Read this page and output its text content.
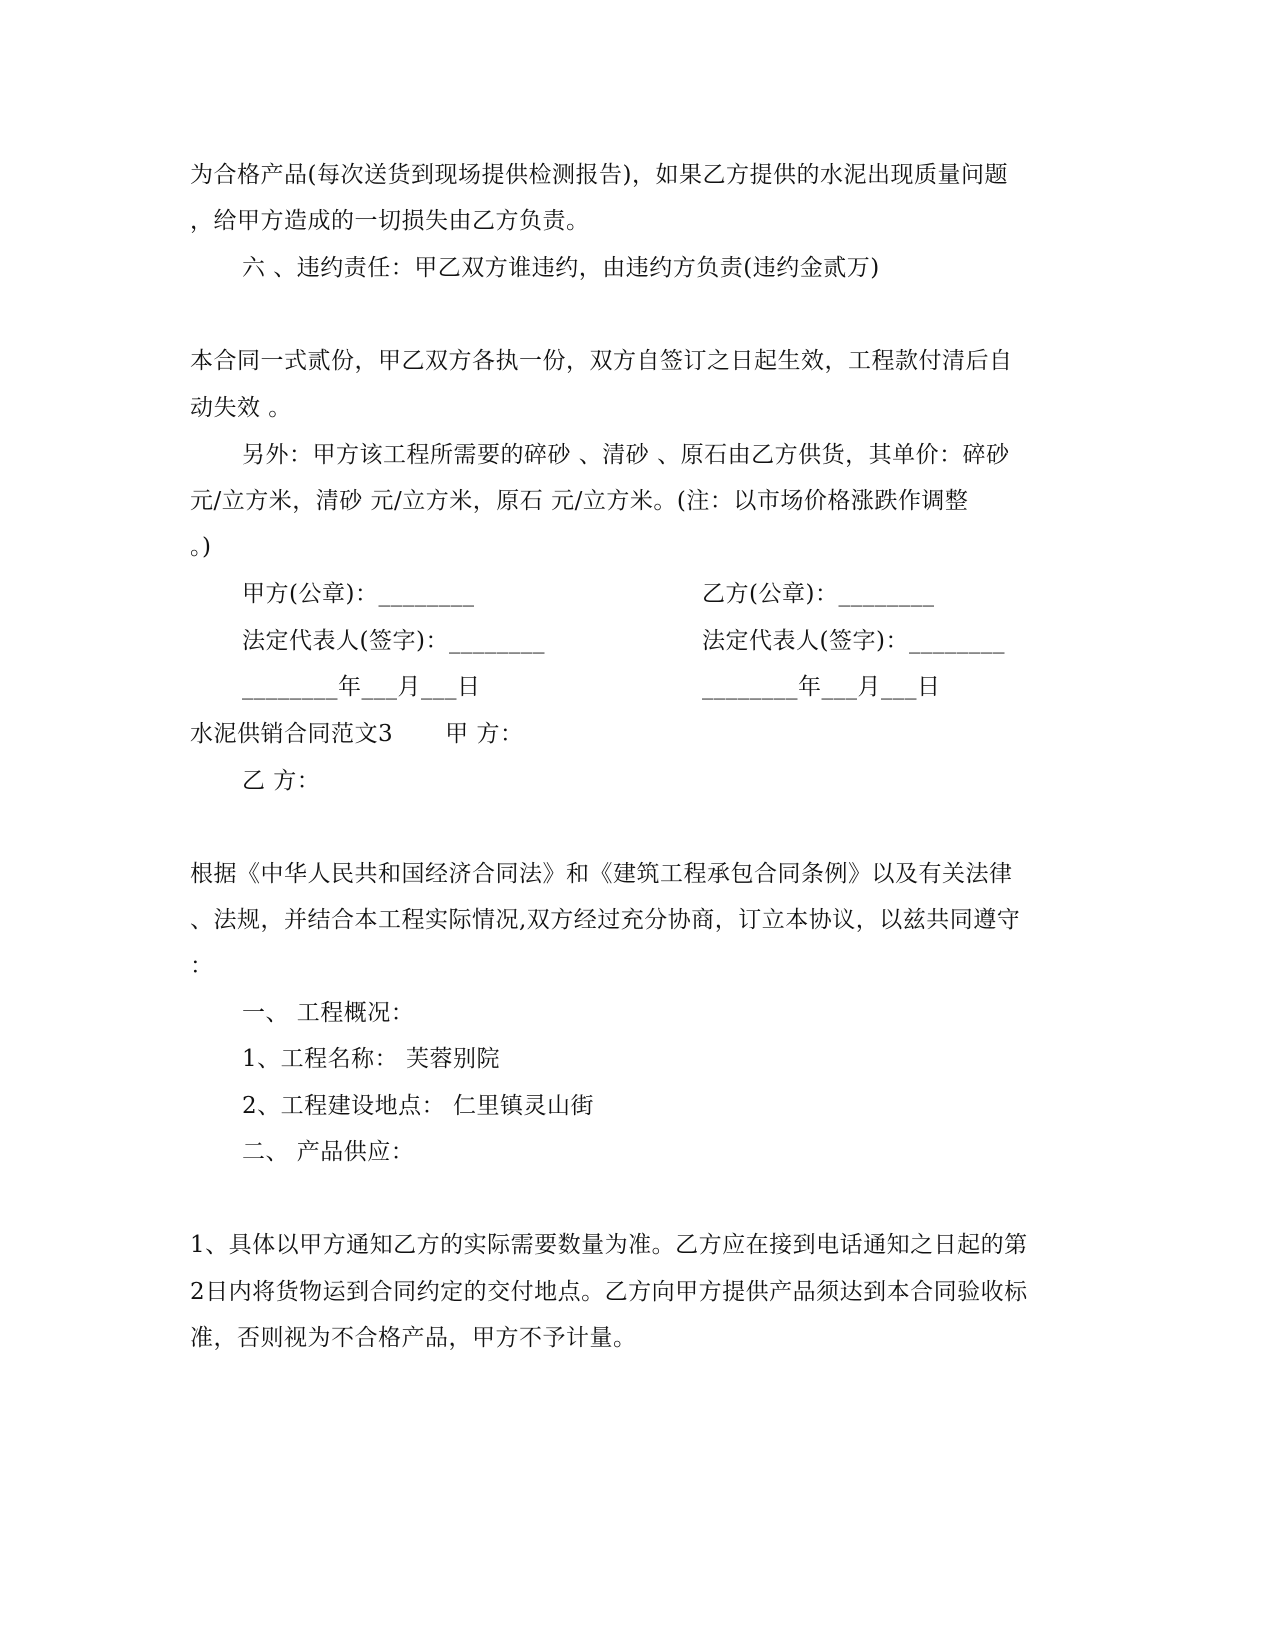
为合格产品(每次送货到现场提供检测报告)，如果乙方提供的水泥出现质量问题
，给甲方造成的一切损失由乙方负责。
六 、违约责任：甲乙双方谁违约，由违约方负责(违约金贰万)
本合同一式贰份，甲乙双方各执一份，双方自签订之日起生效，工程款付清后自
动失效 。
另外：甲方该工程所需要的碎砂 、清砂 、原石由乙方供货，其单价：碎砂
元/立方米，清砂 元/立方米，原石 元/立方米。(注：以市场价格涨跌作调整
。)
甲方(公章)：________	乙方(公章)：________
法定代表人(签字)：________	法定代表人(签字)：________
________年___月___日	________年___月___日
水泥供销合同范文3 甲 方：
乙 方：
根据《中华人民共和国经济合同法》和《建筑工程承包合同条例》以及有关法律
、法规，并结合本工程实际情况,双方经过充分协商，订立本协议，以兹共同遵守
：
一、 工程概况：
1、工程名称： 芙蓉别院
2、工程建设地点： 仁里镇灵山街
二、 产品供应：
1、具体以甲方通知乙方的实际需要数量为准。乙方应在接到电话通知之日起的第
2日内将货物运到合同约定的交付地点。乙方向甲方提供产品须达到本合同验收标
准，否则视为不合格产品，甲方不予计量。
